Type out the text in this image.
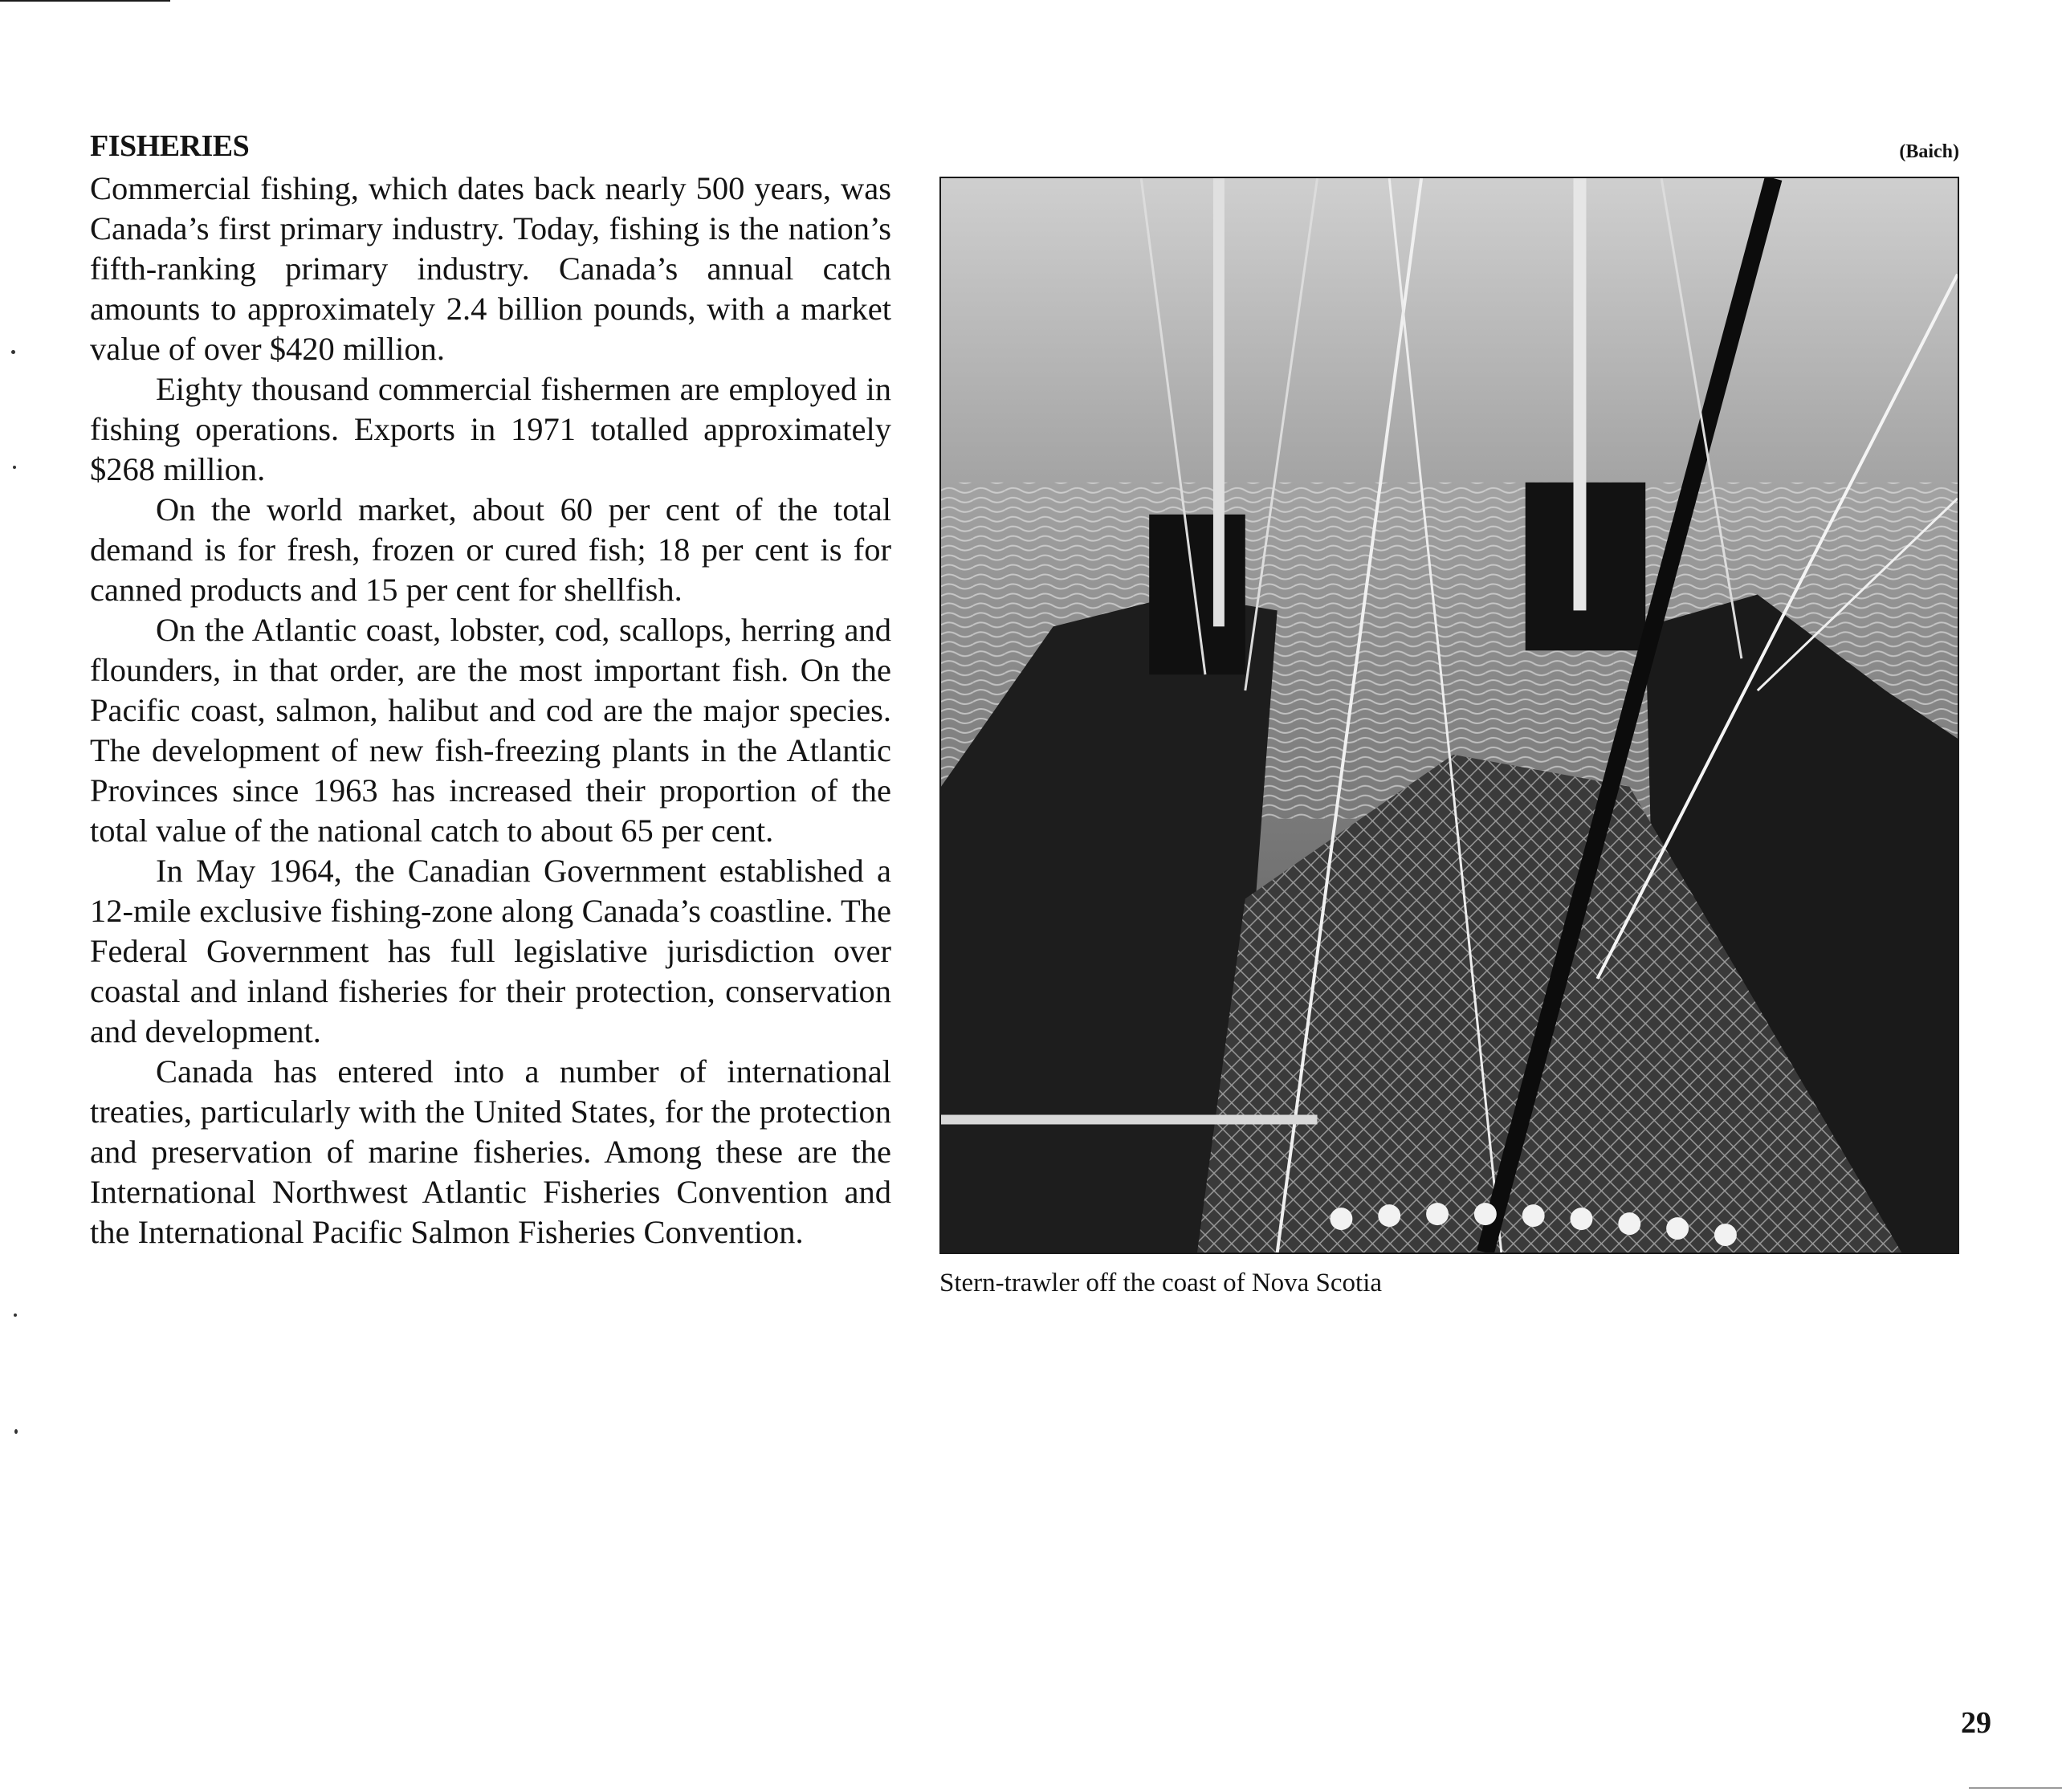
FISHERIES

Commercial fishing, which dates back nearly 500 years, was Canada’s first primary industry. Today, fishing is the nation’s fifth-ranking primary industry. Canada’s annual catch amounts to approximately 2.4 billion pounds, with a market value of over $420 million.

Eighty thousand commercial fishermen are employed in fishing operations. Exports in 1971 totalled approximately $268 million.

On the world market, about 60 per cent of the total demand is for fresh, frozen or cured fish; 18 per cent is for canned products and 15 per cent for shellfish.

On the Atlantic coast, lobster, cod, scallops, herring and flounders, in that order, are the most important fish. On the Pacific coast, salmon, halibut and cod are the major species. The development of new fish-freezing plants in the Atlantic Provinces since 1963 has increased their proportion of the total value of the national catch to about 65 per cent.

In May 1964, the Canadian Government established a 12-mile exclusive fishing-zone along Canada’s coastline. The Federal Government has full legislative jurisdiction over coastal and inland fisheries for their protection, conservation and development.

Canada has entered into a number of international treaties, particularly with the United States, for the protection and preservation of marine fisheries. Among these are the International Northwest Atlantic Fisheries Convention and the International Pacific Salmon Fisheries Convention.

(Baich)
Stern-trawler off the coast of Nova Scotia
29
